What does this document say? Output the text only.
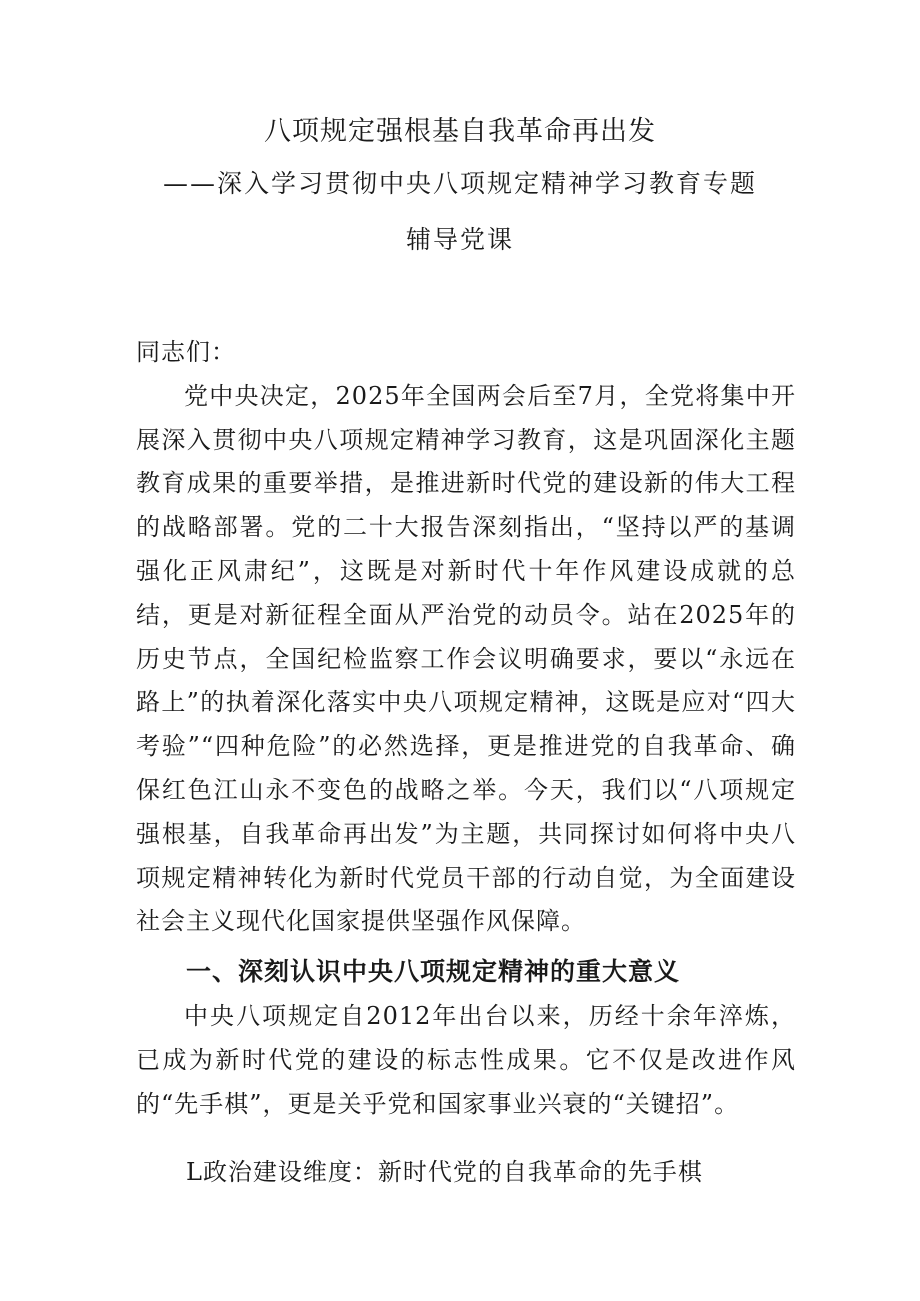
八项规定强根基自我革命再出发

——深入学习贯彻中央八项规定精神学习教育专题

辅导党课

同志们：

党中央决定，2025年全国两会后至7月，全党将集中开展深入贯彻中央八项规定精神学习教育，这是巩固深化主题教育成果的重要举措，是推进新时代党的建设新的伟大工程的战略部署。党的二十大报告深刻指出，“坚持以严的基调强化正风肃纪”，这既是对新时代十年作风建设成就的总结，更是对新征程全面从严治党的动员令。站在2025年的历史节点，全国纪检监察工作会议明确要求，要以“永远在路上”的执着深化落实中央八项规定精神，这既是应对“四大考验”“四种危险”的必然选择，更是推进党的自我革命、确保红色江山永不变色的战略之举。今天，我们以“八项规定强根基，自我革命再出发”为主题，共同探讨如何将中央八项规定精神转化为新时代党员干部的行动自觉，为全面建设社会主义现代化国家提供坚强作风保障。

一、深刻认识中央八项规定精神的重大意义

中央八项规定自2012年出台以来，历经十余年淬炼，已成为新时代党的建设的标志性成果。它不仅是改进作风的“先手棋”，更是关乎党和国家事业兴衰的“关键招”。

L政治建设维度：新时代党的自我革命的先手棋
